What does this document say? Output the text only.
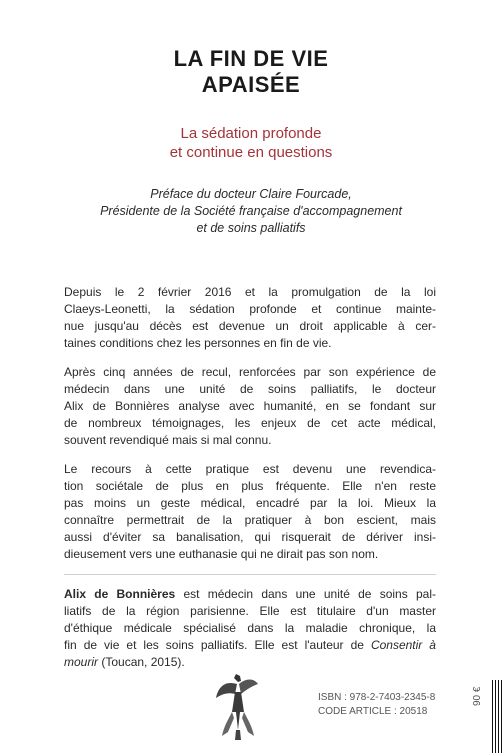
LA FIN DE VIE
APAISÉE
La sédation profonde
et continue en questions
Préface du docteur Claire Fourcade,
Présidente de la Société française d'accompagnement
et de soins palliatifs

Depuis le 2 février 2016 et la promulgation de la loi
Claeys-Leonetti, la sédation profonde et continue mainte-
nue jusqu'au décès est devenue un droit applicable à cer-
taines conditions chez les personnes en fin de vie.

Après cinq années de recul, renforcées par son expérience de
médecin dans une unité de soins palliatifs, le docteur
Alix de Bonnières analyse avec humanité, en se fondant sur
de nombreux témoignages, les enjeux de cet acte médical,
souvent revendiqué mais si mal connu.

Le recours à cette pratique est devenu une revendica-
tion sociétale de plus en plus fréquente. Elle n'en reste
pas moins un geste médical, encadré par la loi. Mieux la
connaître permettrait de la pratiquer à bon escient, mais
aussi d'éviter sa banalisation, qui risquerait de dériver insi-
dieusement vers une euthanasie qui ne dirait pas son nom.

Alix de Bonnières est médecin dans une unité de soins pal-
liatifs de la région parisienne. Elle est titulaire d'un master
d'éthique médicale spécialisé dans la maladie chronique, la
fin de vie et les soins palliatifs. Elle est l'auteur de Consentir à
mourir (Toucan, 2015).
ISBN : 978-2-7403-2345-8
CODE ARTICLE : 20518
90 €
